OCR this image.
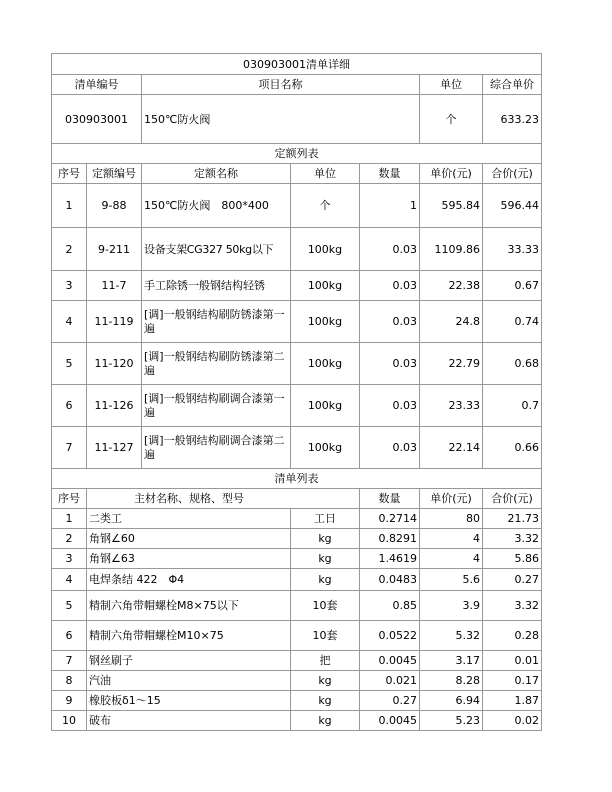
030903001清单详细						
清单编号		项目名称			单位	综合单价
030903001		150℃防火阀			个	633.23
定额列表						
序号	定额编号	定额名称	单位	数量	单价(元)	合价(元)
1	9-88	150℃防火阀　800*400	个	1	595.84	596.44
2	9-211	设备支架CG327 50kg以下	100kg	0.03	1109.86	33.33
3	11-7	手工除锈一般钢结构轻锈	100kg	0.03	22.38	0.67
4	11-119	[调]一般钢结构刷防锈漆第一遍	100kg	0.03	24.8	0.74
5	11-120	[调]一般钢结构刷防锈漆第二遍	100kg	0.03	22.79	0.68
6	11-126	[调]一般钢结构刷调合漆第一遍	100kg	0.03	23.33	0.7
7	11-127	[调]一般钢结构刷调合漆第二遍	100kg	0.03	22.14	0.66
清单列表						
序号	主材名称、规格、型号			数量	单价(元)	合价(元)
1	二类工		工日	0.2714	80	21.73
2	角钢∠60		kg	0.8291	4	3.32
3	角钢∠63		kg	1.4619	4	5.86
4	电焊条结 422　Φ4		kg	0.0483	5.6	0.27
5	精制六角带帽螺栓M8×75以下		10套	0.85	3.9	3.32
6	精制六角带帽螺栓M10×75		10套	0.0522	5.32	0.28
7	钢丝刷子		把	0.0045	3.17	0.01
8	汽油		kg	0.021	8.28	0.17
9	橡胶板δ1～15		kg	0.27	6.94	1.87
10	破布		kg	0.0045	5.23	0.02
